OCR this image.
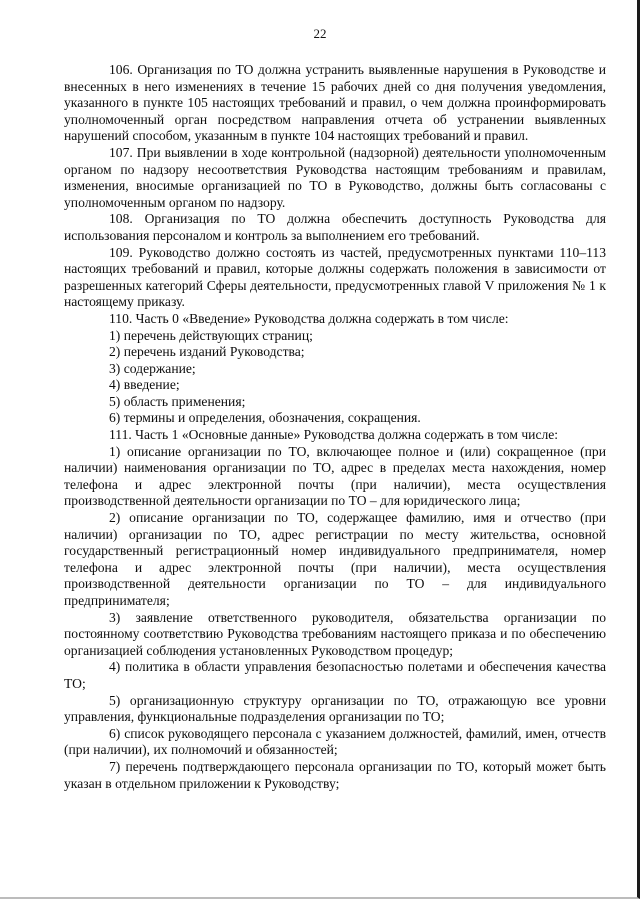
22

106. Организация по ТО должна устранить выявленные нарушения в Руководстве и внесенных в него изменениях в течение 15 рабочих дней со дня получения уведомления, указанного в пункте 105 настоящих требований и правил, о чем должна проинформировать уполномоченный орган посредством направления отчета об устранении выявленных нарушений способом, указанным в пункте 104 настоящих требований и правил.

107. При выявлении в ходе контрольной (надзорной) деятельности уполномоченным органом по надзору несоответствия Руководства настоящим требованиям и правилам, изменения, вносимые организацией по ТО в Руководство, должны быть согласованы с уполномоченным органом по надзору.

108. Организация по ТО должна обеспечить доступность Руководства для использования персоналом и контроль за выполнением его требований.

109. Руководство должно состоять из частей, предусмотренных пунктами 110–113 настоящих требований и правил, которые должны содержать положения в зависимости от разрешенных категорий Сферы деятельности, предусмотренных главой V приложения № 1 к настоящему приказу.

110. Часть 0 «Введение» Руководства должна содержать в том числе:

1) перечень действующих страниц;

2) перечень изданий Руководства;

3) содержание;

4) введение;

5) область применения;

6) термины и определения, обозначения, сокращения.

111. Часть 1 «Основные данные» Руководства должна содержать в том числе:

1) описание организации по ТО, включающее полное и (или) сокращенное (при наличии) наименования организации по ТО, адрес в пределах места нахождения, номер телефона и адрес электронной почты (при наличии), места осуществления производственной деятельности организации по ТО – для юридического лица;

2) описание организации по ТО, содержащее фамилию, имя и отчество (при наличии) организации по ТО, адрес регистрации по месту жительства, основной государственный регистрационный номер индивидуального предпринимателя, номер телефона и адрес электронной почты (при наличии), места осуществления производственной деятельности организации по ТО – для индивидуального предпринимателя;

3) заявление ответственного руководителя, обязательства организации по постоянному соответствию Руководства требованиям настоящего приказа и по обеспечению организацией соблюдения установленных Руководством процедур;

4) политика в области управления безопасностью полетами и обеспечения качества ТО;

5) организационную структуру организации по ТО, отражающую все уровни управления, функциональные подразделения организации по ТО;

6) список руководящего персонала с указанием должностей, фамилий, имен, отчеств (при наличии), их полномочий и обязанностей;

7) перечень подтверждающего персонала организации по ТО, который может быть указан в отдельном приложении к Руководству;
